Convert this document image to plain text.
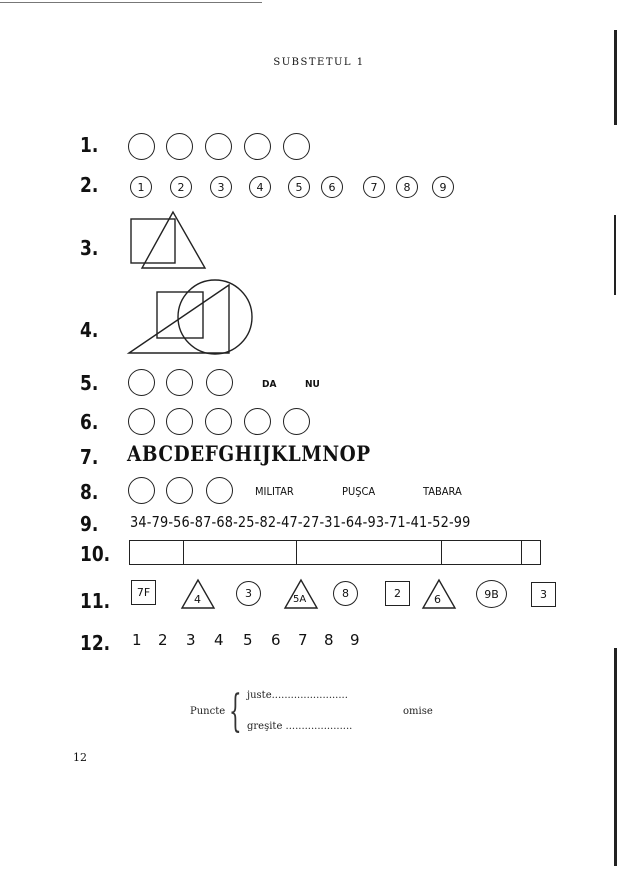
SUBSTETUL 1
1.
2.	1	2	3	4	5	6	7	8	9
3.
4.
5.	DA	NU
6.
7. ABCDEFGHIJKLMNOP
8.	MILITAR	PUŞCA	TABARA
9. 34-79-56-87-68-25-82-47-27-31-64-93-71-41-52-99
10.
11.	7F
4	3	5A	8	2	6	9B	3
12. 1 2 3 4 5 6 7 8 9
Puncte { juste........................
greşite .....................
omise
12
